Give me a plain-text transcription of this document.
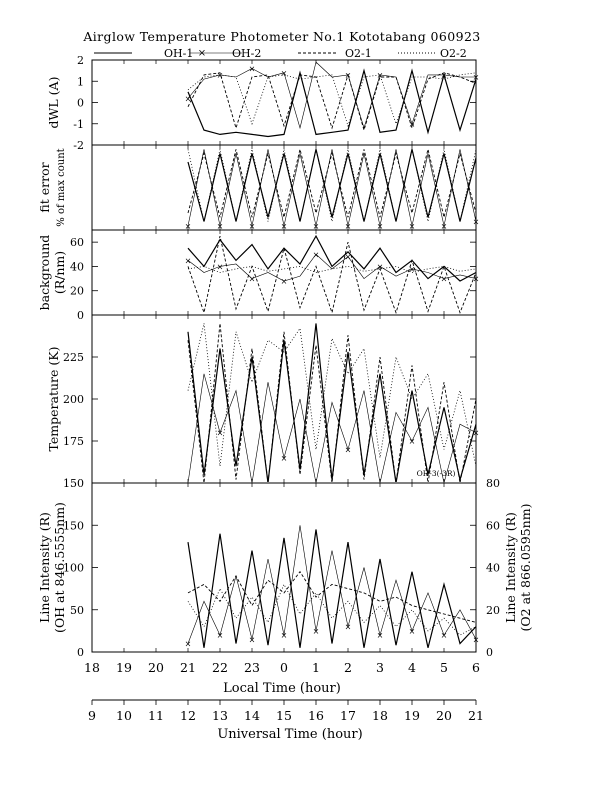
Airglow Temperature Photometer No.1 Kototabang 060923
OH-1 × OH-2	O2-1	O2-2
-2
-1
0
1
2
dWL (A)	×
×
×	×	×	×
×
×	×
fit error % of max count	×	×	×	×	×	×	×	×	×	×
0
20
40
60
background (R/nm)	×
×
×	×
×	×
×	×
×	×
150
175
200
225
Temperature (K)
OH-3(-3R)
×
×
×
×
×
0
50
100
150
Line Intensity (R) (OH at 846.5555nm)
0
20
40
60
80
Line Intensity (R) (O2 at 866.0595nm)
×
×	×	×	×	×
×	×	×	×
18 19 20 21 22 23 0 1 2 3 4 5 6
Local Time (hour)
9 10 11 12 13 14 15 16 17 18 19 20 21
Universal Time (hour)
